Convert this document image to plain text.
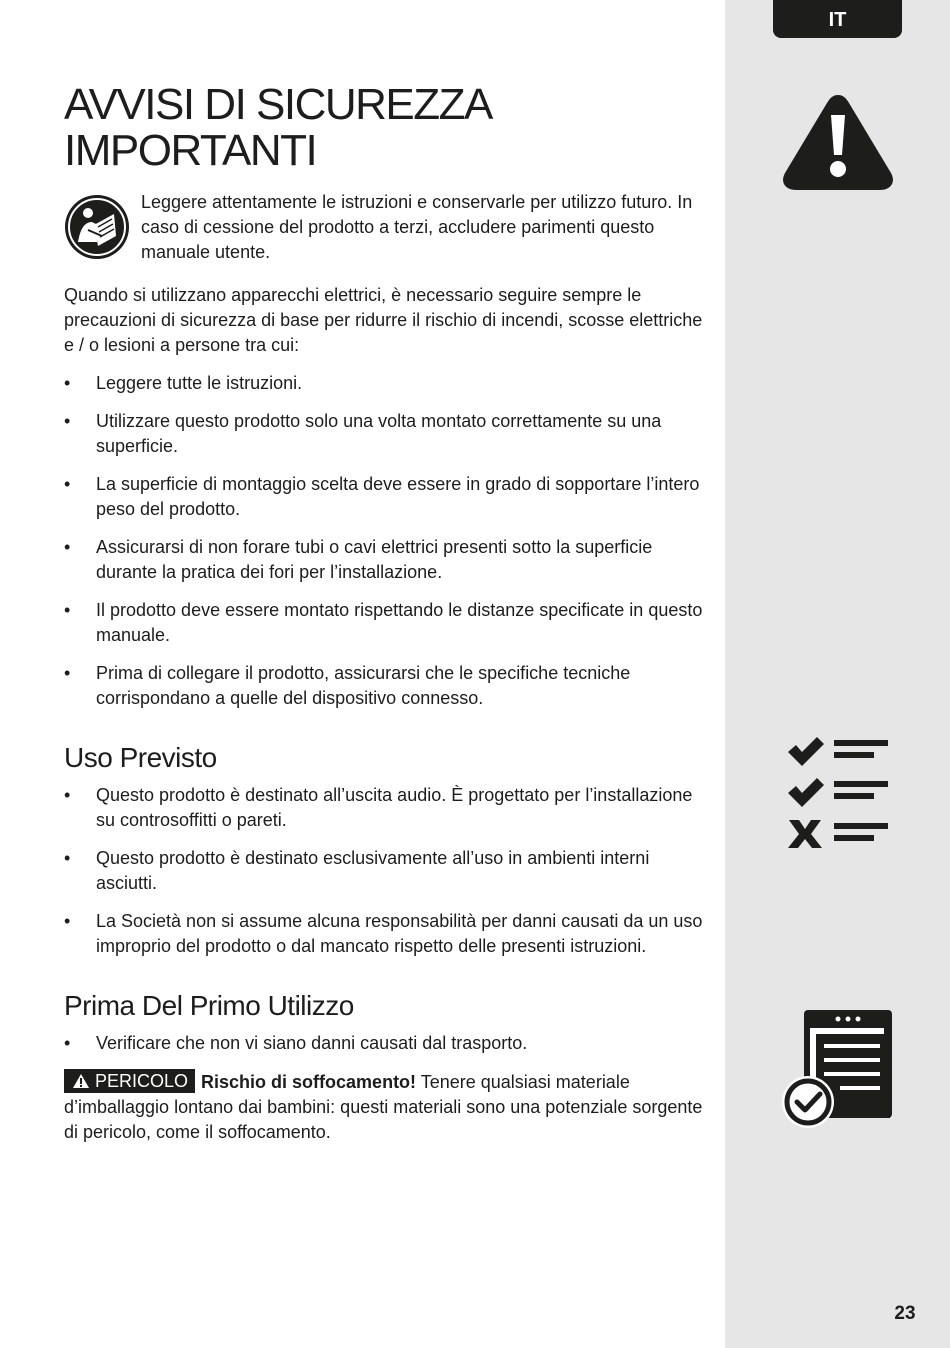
IT
23
AVVISI DI SICUREZZA IMPORTANTI

Leggere attentamente le istruzioni e conservarle per utilizzo futuro. In caso di cessione del prodotto a terzi, accludere parimenti questo manuale utente.

Quando si utilizzano apparecchi elettrici, è necessario seguire sempre le precauzioni di sicurezza di base per ridurre il rischio di incendi, scosse elettriche e / o lesioni a persone tra cui:

• Leggere tutte le istruzioni.
• Utilizzare questo prodotto solo una volta montato correttamente su una superficie.
• La superficie di montaggio scelta deve essere in grado di sopportare l’intero peso del prodotto.
• Assicurarsi di non forare tubi o cavi elettrici presenti sotto la superficie durante la pratica dei fori per l’installazione.
• Il prodotto deve essere montato rispettando le distanze specificate in questo manuale.
• Prima di collegare il prodotto, assicurarsi che le specifiche tecniche corrispondano a quelle del dispositivo connesso.
Uso Previsto
• Questo prodotto è destinato all’uscita audio. È progettato per l’installazione su controsoffitti o pareti.
• Questo prodotto è destinato esclusivamente all’uso in ambienti interni asciutti.
• La Società non si assume alcuna responsabilità per danni causati da un uso improprio del prodotto o dal mancato rispetto delle presenti istruzioni.
Prima Del Primo Utilizzo
• Verificare che non vi siano danni causati dal trasporto.

PERICOLO Rischio di soffocamento! Tenere qualsiasi materiale d’imballaggio lontano dai bambini: questi materiali sono una potenziale sorgente di pericolo, come il soffocamento.
